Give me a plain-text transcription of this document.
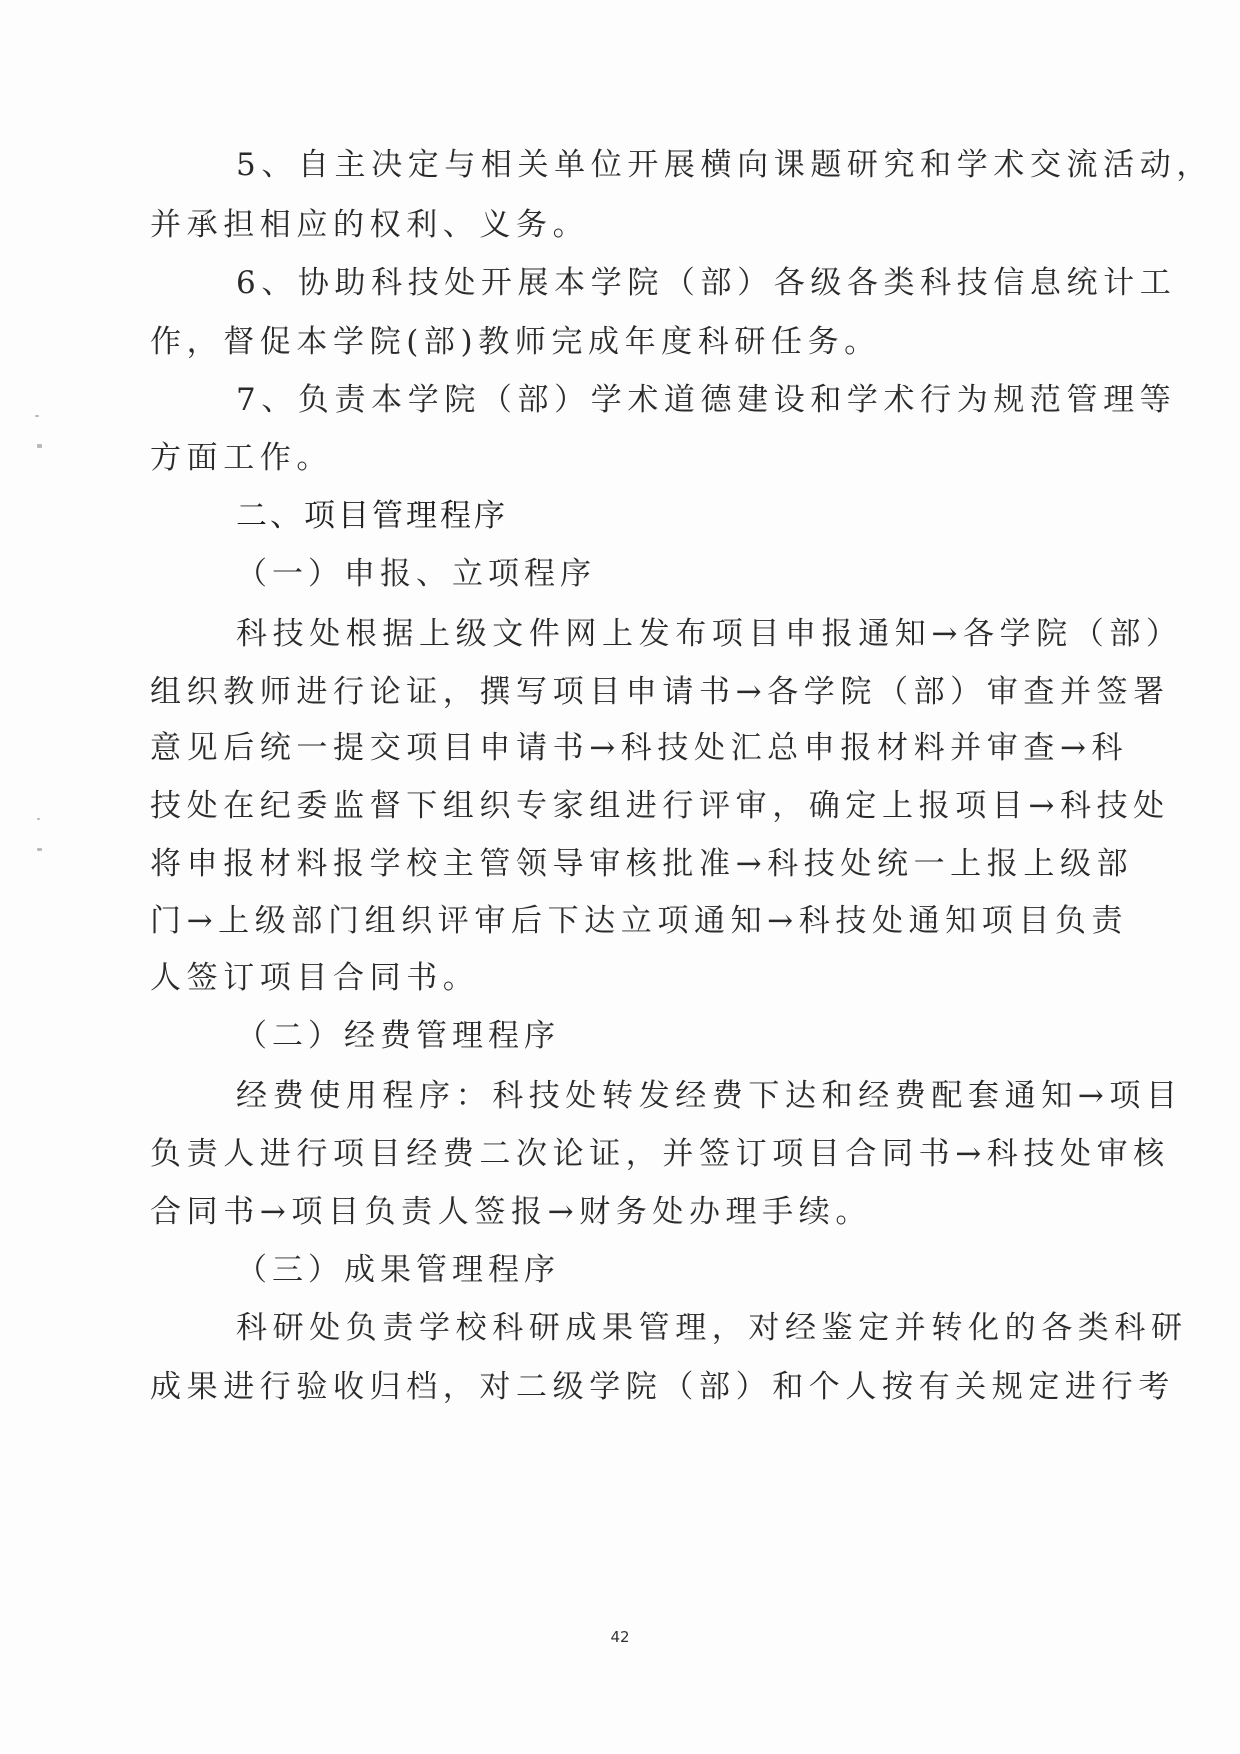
5、自主决定与相关单位开展横向课题研究和学术交流活动，
并承担相应的权利、义务。
6、协助科技处开展本学院（部）各级各类科技信息统计工
作，督促本学院(部)教师完成年度科研任务。
7、负责本学院（部）学术道德建设和学术行为规范管理等
方面工作。
二、项目管理程序
（一）申报、立项程序
科技处根据上级文件网上发布项目申报通知→各学院（部）
组织教师进行论证，撰写项目申请书→各学院（部）审查并签署
意见后统一提交项目申请书→科技处汇总申报材料并审查→科
技处在纪委监督下组织专家组进行评审，确定上报项目→科技处
将申报材料报学校主管领导审核批准→科技处统一上报上级部
门→上级部门组织评审后下达立项通知→科技处通知项目负责
人签订项目合同书。
（二）经费管理程序
经费使用程序：科技处转发经费下达和经费配套通知→项目
负责人进行项目经费二次论证，并签订项目合同书→科技处审核
合同书→项目负责人签报→财务处办理手续。
（三）成果管理程序
科研处负责学校科研成果管理，对经鉴定并转化的各类科研
成果进行验收归档，对二级学院（部）和个人按有关规定进行考
42
